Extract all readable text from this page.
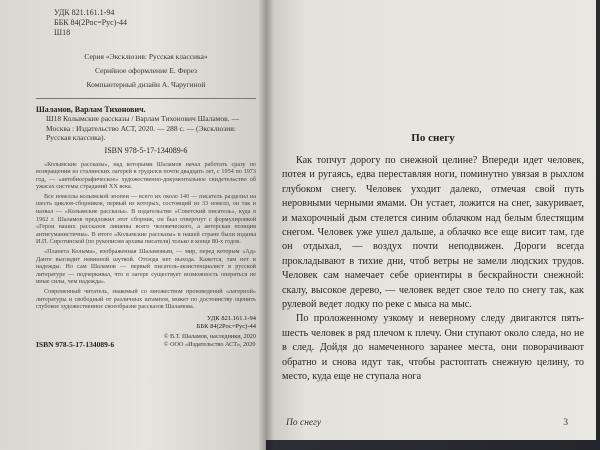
УДК 821.161.1-94
ББК 84(2Рос=Рус)-44
Ш18
Серия «Эксклюзив: Русская классика»
Серийное оформление Е. Ферез
Компьютерный дизайн А. Чаругиной
Шаламов, Варлам Тихонович.
Ш18 Колымские рассказы / Варлам Тихонович Шаламов. — Москва : Издательство АСТ, 2020. — 288 с. — (Эксклюзив: Русская классика).
ISBN 978-5-17-134089-6

«Колымские рассказы», над которыми Шаламов начал работать сразу по возвращении из сталинских лагерей в грудился почти двадцать лет, с 1954 по 1973 год, — «автобиографическое» художественно-документальное свидетельство об ужасах системы страданий XX века.

Все новеллы колымской эпопеи — всего их около 140 — писатель разделил на шесть циклов-сборников, первый из которых, состоящий из 33 новелл, он так и назвал — «Колымские рассказы». В издательстве «Советский писатель», куда в 1962 г. Шаламов предложил этот сборник, он был отвергнут с формулировкой «Герои ваших рассказов лишены всего человеческого, а авторская позиция антигуманистична». В итоге «Колымские рассказы» в нашей стране были изданы И.П. Сиротинской (по рукописям архива писателя) только в конце 80-х годов.

«Планета Колыма», изображенная Шаламовым, — мир, перед которым «Ад» Данте выглядит невинной шуткой. Отсюда нет выхода. Кажется, там нет и надежды. Но сам Шаламов — первый писатель-экзистенциалист в русской литературе — подчеркивал, что в лагере существует возможность оперяться не иные силы, чем надежда».

Современный читатель, знакомый со множеством произведений «лагерной» литературы и свободный от различных штампов, может по достоинству оценить глубокое художественное своеобразие рассказов Шаламова.

УДК 821.161.1-94
ББК 84(2Рос=Рус)-44
ISBN 978-5-17-134089-6
© В.Т. Шаламов, наследники, 2020
© ООО «Издательство АСТ», 2020
По снегу

Как топчут дорогу по снежной целине? Впереди идет человек, потея и ругаясь, едва переставляя ноги, поминутно увязая в рыхлом глубоком снегу. Человек уходит далеко, отмечая свой путь неровными черными ямами. Он устает, ложится на снег, закуривает, и махорочный дым стелется синим облачком над белым блестящим снегом. Человек уже ушел дальше, а облачко все еще висит там, где он отдыхал, — воздух почти неподвижен. Дороги всегда прокладывают в тихие дни, чтоб ветры не замели людских трудов. Человек сам намечает себе ориентиры в бескрайности снежной: скалу, высокое дерево, — человек ведет свое тело по снегу так, как рулевой ведет лодку по реке с мыса на мыс.

По проложенному узкому и неверному следу двигаются пять-шесть человек в ряд плечом к плечу. Они ступают около следа, но не в след. Дойдя до намеченного заранее места, они поворачивают обратно и снова идут так, чтобы растоптать снежную целину, то место, куда еще не ступала нога

По снегу	3
